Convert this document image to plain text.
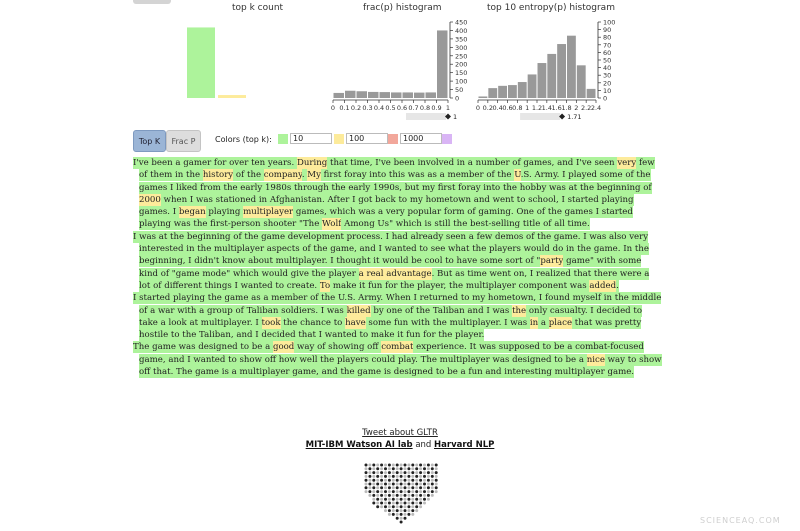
top k count	frac(p) histogram
450
400
350
300
250
200
150
100
50
0
0 0.1 0.2 0.3 0.4 0.5 0.6 0.7 0.8 0.9 1
1
top 10 entropy(p) histogram
100
90
80
70
60
50
40
30
20
10
0
0 0.2 0.4 0.6 0.8 1 1.2 1.4 1.6 1.8 2 2.2 2.4
1.71
Top K	Frac P	Colors (top k):
10
100
1000
I've been a gamer for over ten years. During that time, I've been involved in a number of games, and I've seen very few of them in the history of the company. My first foray into this was as a member of the U.S. Army. I played some of the games I liked from the early 1980s through the early 1990s, but my first foray into the hobby was at the beginning of 2000 when I was stationed in Afghanistan. After I got back to my hometown and went to school, I started playing games. I began playing multiplayer games, which was a very popular form of gaming. One of the games I started playing was the first-person shooter "The Wolf Among Us" which is still the best-selling title of all time.
I was at the beginning of the game development process. I had already seen a few demos of the game. I was also very interested in the multiplayer aspects of the game, and I wanted to see what the players would do in the game. In the beginning, I didn't know about multiplayer. I thought it would be cool to have some sort of "party game" with some kind of "game mode" which would give the player a real advantage. But as time went on, I realized that there were a lot of different things I wanted to create. To make it fun for the player, the multiplayer component was added.
I started playing the game as a member of the U.S. Army. When I returned to my hometown, I found myself in the middle of a war with a group of Taliban soldiers. I was killed by one of the Taliban and I was the only casualty. I decided to take a look at multiplayer. I took the chance to have some fun with the multiplayer. I was in a place that was pretty hostile to the Taliban, and I decided that I wanted to make it fun for the player.
The game was designed to be a good way of showing off combat experience. It was supposed to be a combat-focused game, and I wanted to show off how well the players could play. The multiplayer was designed to be a nice way to show off that. The game is a multiplayer game, and the game is designed to be a fun and interesting multiplayer game.
Tweet about GLTR
MIT-IBM Watson AI lab and Harvard NLP
SCIENCEAQ.COM
